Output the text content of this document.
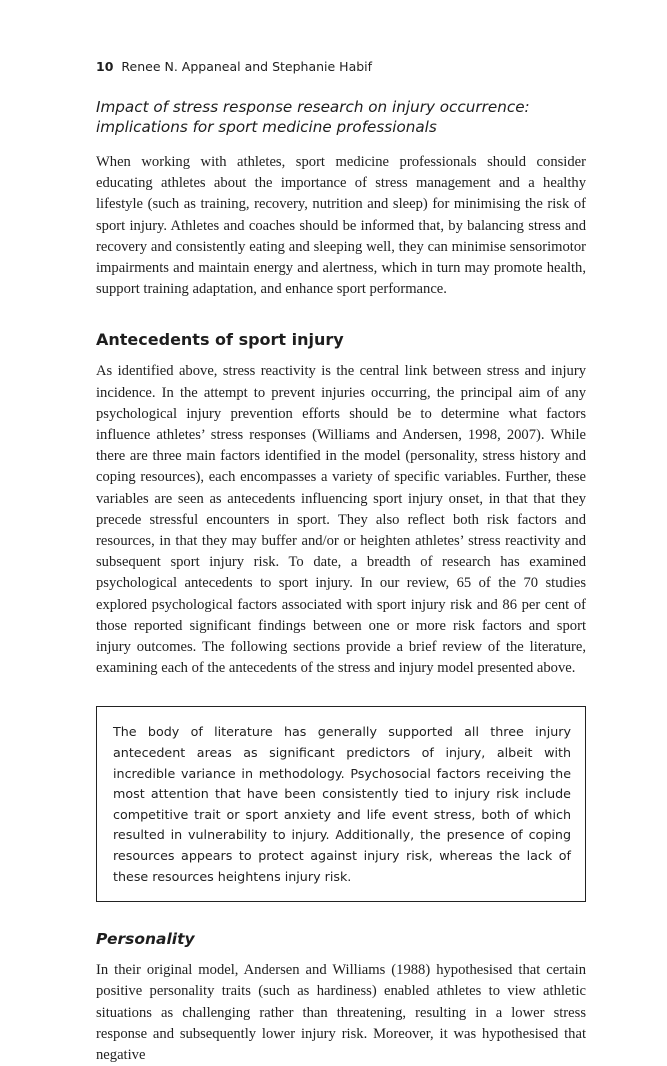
10 Renee N. Appaneal and Stephanie Habif
Impact of stress response research on injury occurrence: implications for sport medicine professionals

When working with athletes, sport medicine professionals should consider educating athletes about the importance of stress management and a healthy lifestyle (such as training, recovery, nutrition and sleep) for minimising the risk of sport injury. Athletes and coaches should be informed that, by balancing stress and recovery and consistently eating and sleeping well, they can minimise sensorimotor impairments and maintain energy and alertness, which in turn may promote health, support training adaptation, and enhance sport performance.

Antecedents of sport injury

As identified above, stress reactivity is the central link between stress and injury incidence. In the attempt to prevent injuries occurring, the principal aim of any psychological injury prevention efforts should be to determine what factors influence athletes’ stress responses (Williams and Andersen, 1998, 2007). While there are three main factors identified in the model (personality, stress history and coping resources), each encompasses a variety of specific variables. Further, these variables are seen as antecedents influencing sport injury onset, in that that they precede stressful encounters in sport. They also reflect both risk factors and resources, in that they may buffer and/or or heighten athletes’ stress reactivity and subsequent sport injury risk. To date, a breadth of research has examined psychological antecedents to sport injury. In our review, 65 of the 70 studies explored psychological factors associated with sport injury risk and 86 per cent of those reported significant findings between one or more risk factors and sport injury outcomes. The following sections provide a brief review of the literature, examining each of the antecedents of the stress and injury model presented above.

The body of literature has generally supported all three injury antecedent areas as significant predictors of injury, albeit with incredible variance in methodology. Psychosocial factors receiving the most attention that have been consistently tied to injury risk include competitive trait or sport anxiety and life event stress, both of which resulted in vulnerability to injury. Additionally, the presence of coping resources appears to protect against injury risk, whereas the lack of these resources heightens injury risk.

Personality

In their original model, Andersen and Williams (1988) hypothesised that certain positive personality traits (such as hardiness) enabled athletes to view athletic situations as challenging rather than threatening, resulting in a lower stress response and subsequently lower injury risk. Moreover, it was hypothesised that negative
